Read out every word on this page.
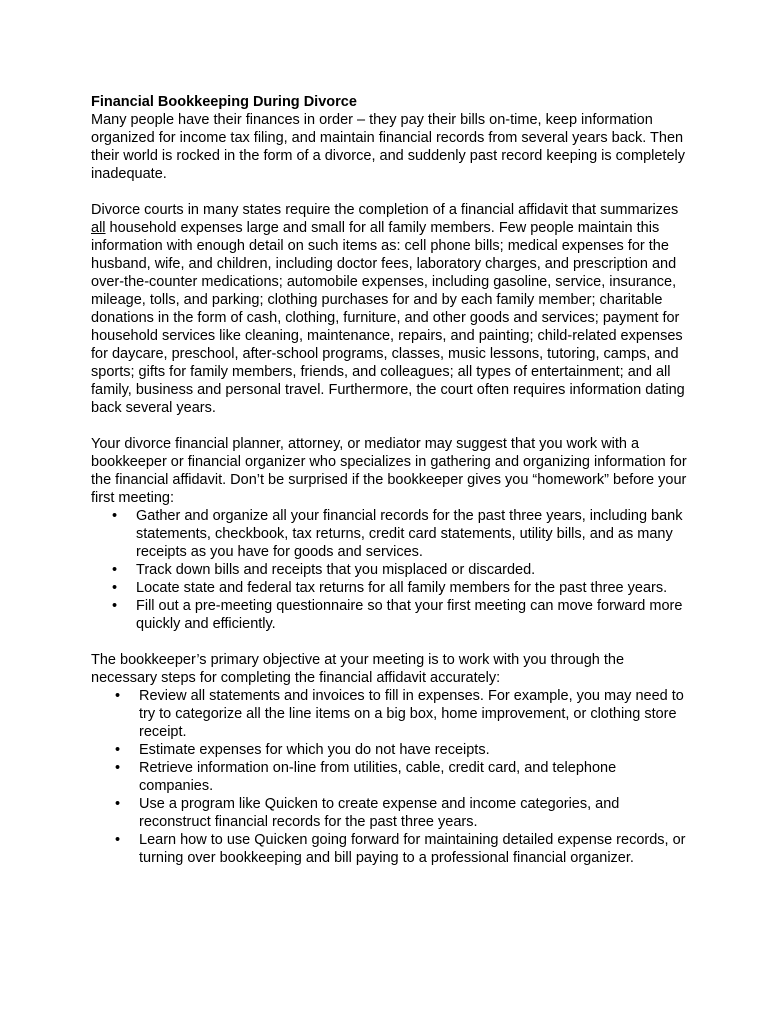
Financial Bookkeeping During Divorce

Many people have their finances in order – they pay their bills on-time, keep information organized for income tax filing, and maintain financial records from several years back. Then their world is rocked in the form of a divorce, and suddenly past record keeping is completely inadequate.

Divorce courts in many states require the completion of a financial affidavit that summarizes all household expenses large and small for all family members. Few people maintain this information with enough detail on such items as: cell phone bills; medical expenses for the husband, wife, and children, including doctor fees, laboratory charges, and prescription and over-the-counter medications; automobile expenses, including gasoline, service, insurance, mileage, tolls, and parking; clothing purchases for and by each family member; charitable donations in the form of cash, clothing, furniture, and other goods and services; payment for household services like cleaning, maintenance, repairs, and painting; child-related expenses for daycare, preschool, after-school programs, classes, music lessons, tutoring, camps, and sports; gifts for family members, friends, and colleagues; all types of entertainment; and all family, business and personal travel. Furthermore, the court often requires information dating back several years.

Your divorce financial planner, attorney, or mediator may suggest that you work with a bookkeeper or financial organizer who specializes in gathering and organizing information for the financial affidavit. Don’t be surprised if the bookkeeper gives you “homework” before your first meeting:

• Gather and organize all your financial records for the past three years, including bank statements, checkbook, tax returns, credit card statements, utility bills, and as many receipts as you have for goods and services.
• Track down bills and receipts that you misplaced or discarded.
• Locate state and federal tax returns for all family members for the past three years.
• Fill out a pre-meeting questionnaire so that your first meeting can move forward more quickly and efficiently.

The bookkeeper’s primary objective at your meeting is to work with you through the necessary steps for completing the financial affidavit accurately:

• Review all statements and invoices to fill in expenses. For example, you may need to try to categorize all the line items on a big box, home improvement, or clothing store receipt.
• Estimate expenses for which you do not have receipts.
• Retrieve information on-line from utilities, cable, credit card, and telephone companies.
• Use a program like Quicken to create expense and income categories, and reconstruct financial records for the past three years.
• Learn how to use Quicken going forward for maintaining detailed expense records, or turning over bookkeeping and bill paying to a professional financial organizer.
